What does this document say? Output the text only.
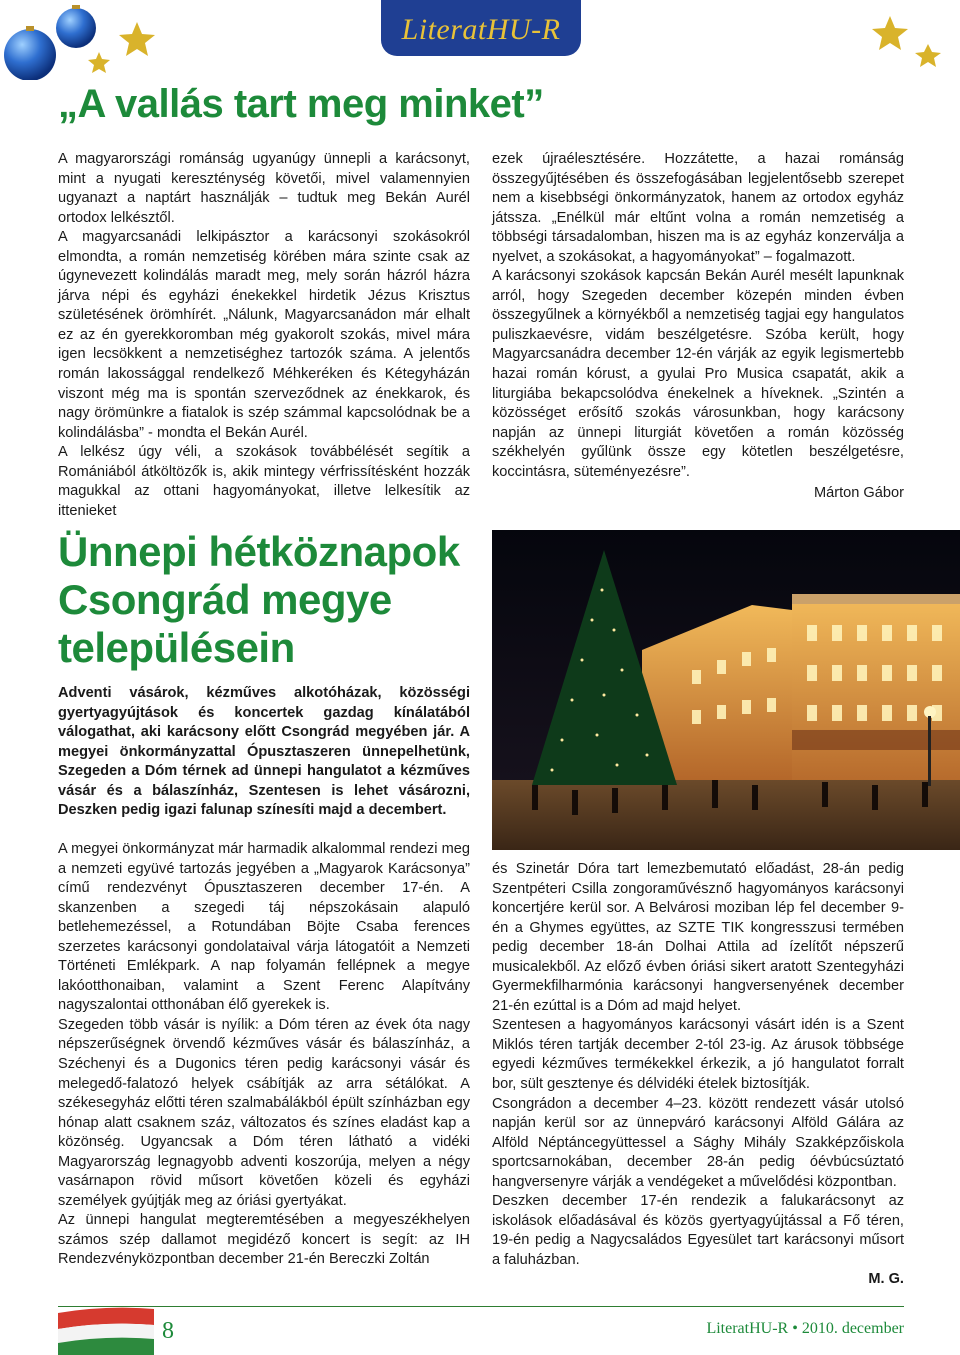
LiteratHU-R
„A vallás tart meg minket”

A magyarországi románság ugyanúgy ünnepli a karácsonyt, mint a nyugati kereszténység követői, mivel valamennyien ugyanazt a naptárt használják – tudtuk meg Bekán Aurél ortodox lelkésztől.

A magyarcsanádi lelkipásztor a karácsonyi szokásokról elmondta, a román nemzetiség körében mára szinte csak az úgynevezett kolindálás maradt meg, mely során házról házra járva népi és egyházi énekekkel hirdetik Jézus Krisztus születésének örömhírét. „Nálunk, Magyarcsanádon már elhalt ez az én gyerekkoromban még gyakorolt szokás, mivel mára igen lecsökkent a nemzetiséghez tartozók száma. A jelentős román lakossággal rendelkező Méhkeréken és Kétegyházán viszont még ma is spontán szerveződnek az énekkarok, és nagy örömünkre a fiatalok is szép számmal kapcsolódnak be a kolindálásba” - mondta el Bekán Aurél.

A lelkész úgy véli, a szokások továbbélését segítik a Romániából átköltözők is, akik mintegy vérfrissítésként hozzák magukkal az ottani hagyományokat, illetve lelkesítik az ittenieket

ezek újraélesztésére. Hozzátette, a hazai románság összegyűjtésében és összefogásában legjelentősebb szerepet nem a kisebbségi önkormányzatok, hanem az ortodox egyház játssza. „Enélkül már eltűnt volna a román nemzetiség a többségi társadalomban, hiszen ma is az egyház konzerválja a nyelvet, a szokásokat, a hagyományokat” – fogalmazott.

A karácsonyi szokások kapcsán Bekán Aurél mesélt lapunknak arról, hogy Szegeden december közepén minden évben összegyűlnek a környékből a nemzetiség tagjai egy hangulatos puliszkaevésre, vidám beszélgetésre. Szóba került, hogy Magyarcsanádra december 12-én várják az egyik legismertebb hazai román kórust, a gyulai Pro Musica csapatát, akik a liturgiába bekapcsolódva énekelnek a híveknek. „Szintén a közösséget erősítő szokás városunkban, hogy karácsony napján az ünnepi liturgiát követően a román közösség székhelyén gyűlünk össze egy kötetlen beszélgetésre, koccintásra, süteményezésre”.

Márton Gábor

Ünnepi hétköznapok Csongrád megye településein
Adventi vásárok, kézműves alkotóházak, közösségi gyertyagyújtások és koncertek gazdag kínálatából válogathat, aki karácsony előtt Csongrád megyében jár. A megyei önkormányzattal Ópusztaszeren ünnepelhetünk, Szegeden a Dóm térnek ad ünnepi hangulatot a kézműves vásár és a bálaszínház, Szentesen is lehet vásározni, Deszken pedig igazi falunap színesíti majd a decembert.

A megyei önkormányzat már harmadik alkalommal rendezi meg a nemzeti együvé tartozás jegyében a „Magyarok Karácsonya” című rendezvényt Ópusztaszeren december 17-én. A skanzenben a szegedi táj népszokásain alapuló betlehemezéssel, a Rotundában Böjte Csaba ferences szerzetes karácsonyi gondolataival várja látogatóit a Nemzeti Történeti Emlékpark. A nap folyamán fellépnek a megye lakóotthonaiban, valamint a Szent Ferenc Alapítvány nagyszalontai otthonában élő gyerekek is.

Szegeden több vásár is nyílik: a Dóm téren az évek óta nagy népszerűségnek örvendő kézműves vásár és bálaszínház, a Széchenyi és a Dugonics téren pedig karácsonyi vásár és melegedő-falatozó helyek csábítják az arra sétálókat. A székesegyház előtti téren szalmabálákból épült színházban egy hónap alatt csaknem száz, változatos és színes eladást kap a közönség. Ugyancsak a Dóm téren látható a vidéki Magyarország legnagyobb adventi koszorúja, melyen a négy vasárnapon rövid műsort követően közeli és egyházi személyek gyújtják meg az óriási gyertyákat.

Az ünnepi hangulat megteremtésében a megyeszékhelyen számos szép dallamot megidéző koncert is segít: az IH Rendezvényközpontban december 21-én Bereczki Zoltán

és Szinetár Dóra tart lemezbemutató előadást, 28-án pedig Szentpéteri Csilla zongoraművésznő hagyományos karácsonyi koncertjére kerül sor. A Belvárosi moziban lép fel december 9-én a Ghymes együttes, az SZTE TIK kongresszusi termében pedig december 18-án Dolhai Attila ad ízelítőt népszerű musicalekből. Az előző évben óriási sikert aratott Szentegyházi Gyermekfilharmónia karácsonyi hangversenyének december 21-én ezúttal is a Dóm ad majd helyet.

Szentesen a hagyományos karácsonyi vásárt idén is a Szent Miklós téren tartják december 2-tól 23-ig. Az árusok többsége egyedi kézműves termékekkel érkezik, a jó hangulatot forralt bor, sült gesztenye és délvidéki ételek biztosítják.

Csongrádon a december 4–23. között rendezett vásár utolsó napján kerül sor az ünnepváró karácsonyi Alföld Gálára az Alföld Néptáncegyüttessel a Sághy Mihály Szakképzőiskola sportcsarnokában, december 28-án pedig óévbúcsúztató hangversenyre várják a vendégeket a művelődési központban.

Deszken december 17-én rendezik a falukarácsonyt az iskolások előadásával és közös gyertyagyújtással a Fő téren, 19-én pedig a Nagycsaládos Egyesület tart karácsonyi műsort a faluházban.

M. G.

8	LiteratHU-R • 2010. december
